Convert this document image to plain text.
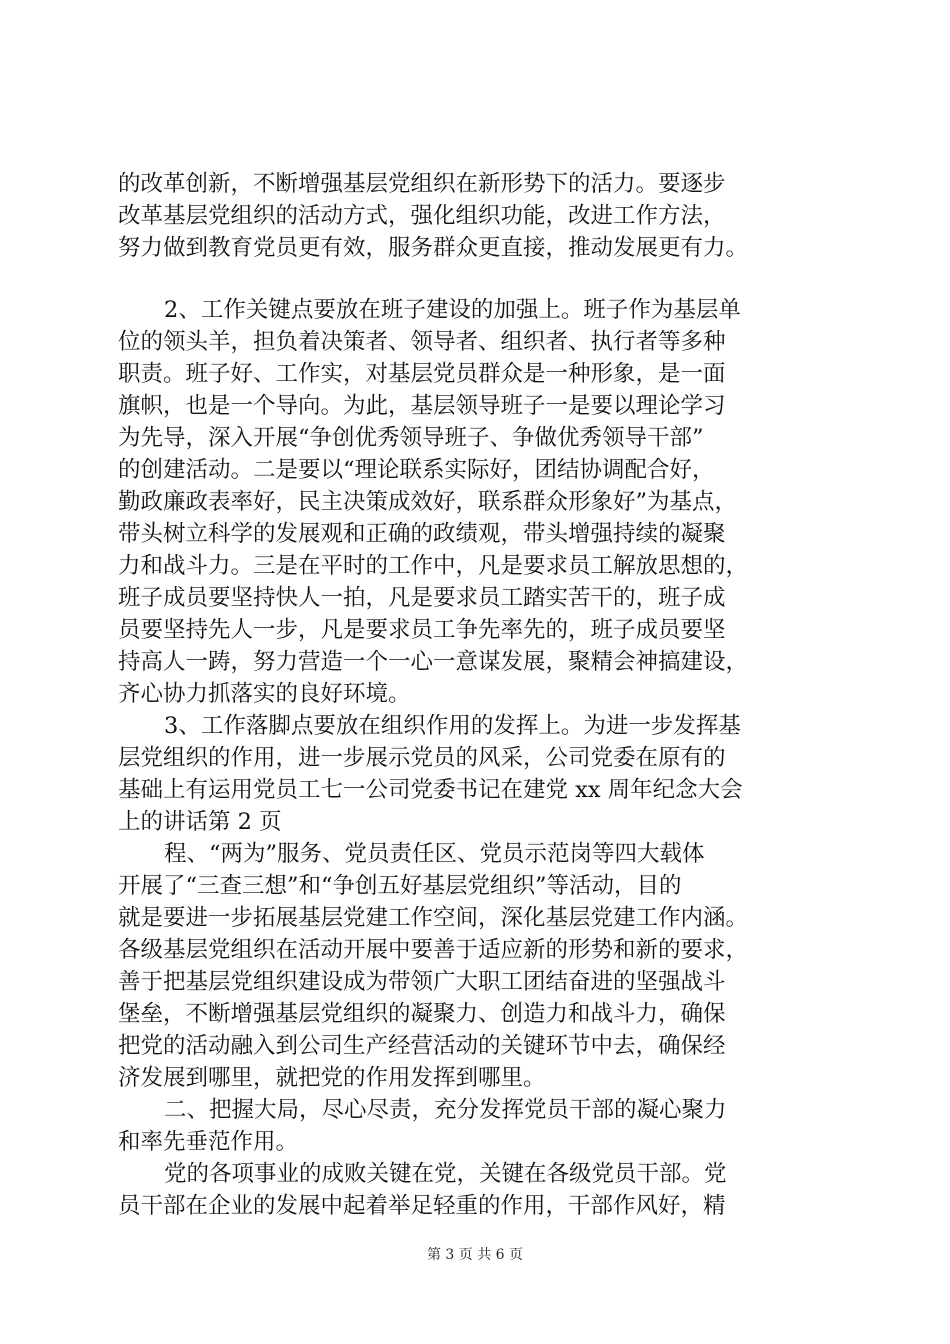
的改革创新，不断增强基层党组织在新形势下的活力。要逐步
改革基层党组织的活动方式，强化组织功能，改进工作方法，
努力做到教育党员更有效，服务群众更直接，推动发展更有力。
2、工作关键点要放在班子建设的加强上。班子作为基层单
位的领头羊，担负着决策者、领导者、组织者、执行者等多种
职责。班子好、工作实，对基层党员群众是一种形象，是一面
旗帜，也是一个导向。为此，基层领导班子一是要以理论学习
为先导，深入开展“争创优秀领导班子、争做优秀领导干部”
的创建活动。二是要以“理论联系实际好，团结协调配合好，
勤政廉政表率好，民主决策成效好，联系群众形象好”为基点，
带头树立科学的发展观和正确的政绩观，带头增强持续的凝聚
力和战斗力。三是在平时的工作中，凡是要求员工解放思想的，
班子成员要坚持快人一拍，凡是要求员工踏实苦干的，班子成
员要坚持先人一步，凡是要求员工争先率先的，班子成员要坚
持高人一踌，努力营造一个一心一意谋发展，聚精会神搞建设，
齐心协力抓落实的良好环境。
3、工作落脚点要放在组织作用的发挥上。为进一步发挥基
层党组织的作用，进一步展示党员的风采，公司党委在原有的
基础上有运用党员工七一公司党委书记在建党 xx 周年纪念大会
上的讲话第 2 页
程、“两为”服务、党员责任区、党员示范岗等四大载体
开展了“三查三想”和“争创五好基层党组织”等活动，目的
就是要进一步拓展基层党建工作空间，深化基层党建工作内涵。
各级基层党组织在活动开展中要善于适应新的形势和新的要求，
善于把基层党组织建设成为带领广大职工团结奋进的坚强战斗
堡垒，不断增强基层党组织的凝聚力、创造力和战斗力，确保
把党的活动融入到公司生产经营活动的关键环节中去，确保经
济发展到哪里，就把党的作用发挥到哪里。
二、把握大局，尽心尽责，充分发挥党员干部的凝心聚力
和率先垂范作用。
党的各项事业的成败关键在党，关键在各级党员干部。党
员干部在企业的发展中起着举足轻重的作用，干部作风好，精
第 3 页 共 6 页
